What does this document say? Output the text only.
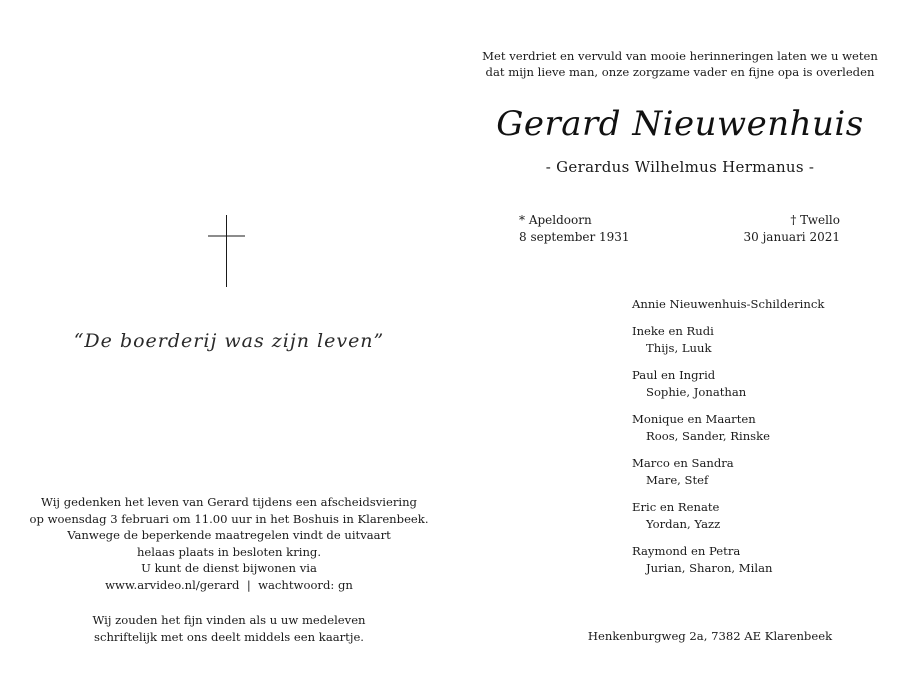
“De boerderij was zijn leven”
Wij gedenken het leven van Gerard tijdens een afscheidsviering
op woensdag 3 februari om 11.00 uur in het Boshuis in Klarenbeek.
Vanwege de beperkende maatregelen vindt de uitvaart
helaas plaats in besloten kring.
U kunt de dienst bijwonen via
www.arvideo.nl/gerard  |  wachtwoord: gn
Wij zouden het fijn vinden als u uw medeleven
schriftelijk met ons deelt middels een kaartje.
Met verdriet en vervuld van mooie herinneringen laten we u weten
dat mijn lieve man, onze zorgzame vader en fijne opa is overleden
Gerard Nieuwenhuis
- Gerardus Wilhelmus Hermanus -
* Apeldoorn
8 september 1931
† Twello
30 januari 2021
Annie Nieuwenhuis-Schilderinck
Ineke en Rudi
Thijs, Luuk
Paul en Ingrid
Sophie, Jonathan
Monique en Maarten
Roos, Sander, Rinske
Marco en Sandra
Mare, Stef
Eric en Renate
Yordan, Yazz
Raymond en Petra
Jurian, Sharon, Milan
Henkenburgweg 2a, 7382 AE Klarenbeek
